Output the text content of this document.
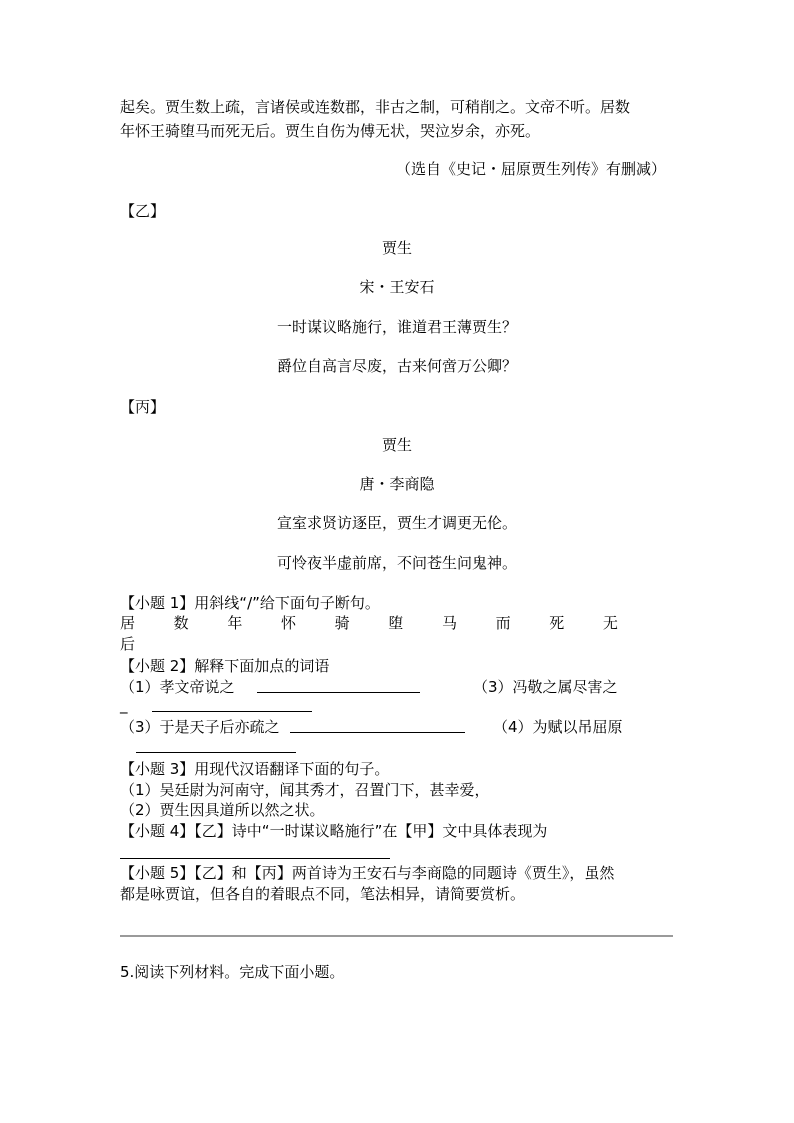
起矣。贾生数上疏，言诸侯或连数郡，非古之制，可稍削之。文帝不听。居数
年怀王骑堕马而死无后。贾生自伤为傅无状，哭泣岁余，亦死。
（选自《史记・屈原贾生列传》有删减）
【乙】
贾生
宋・王安石
一时谋议略施行，谁道君王薄贾生？
爵位自高言尽废，古来何啻万公卿？
【丙】
贾生
唐・李商隐
宣室求贤访逐臣，贾生才调更无伦。
可怜夜半虚前席，不问苍生问鬼神。
【小题 1】用斜线“/”给下面句子断句。
居	数	年	怀	骑	堕	马	而	死	无
后
【小题 2】解释下面加点的词语
（1）孝文帝说之	（3）冯敬之属尽害之
_
（3）于是天子后亦疏之	（4）为赋以吊屈原
【小题 3】用现代汉语翻译下面的句子。
（1）吴廷尉为河南守，闻其秀才，召置门下，甚幸爱，
（2）贾生因具道所以然之状。
【小题 4】【乙】诗中“一时谋议略施行”在【甲】文中具体表现为
【小题 5】【乙】和【丙】两首诗为王安石与李商隐的同题诗《贾生》，虽然
都是咏贾谊，但各自的着眼点不同，笔法相异，请简要赏析。
5.阅读下列材料。完成下面小题。
